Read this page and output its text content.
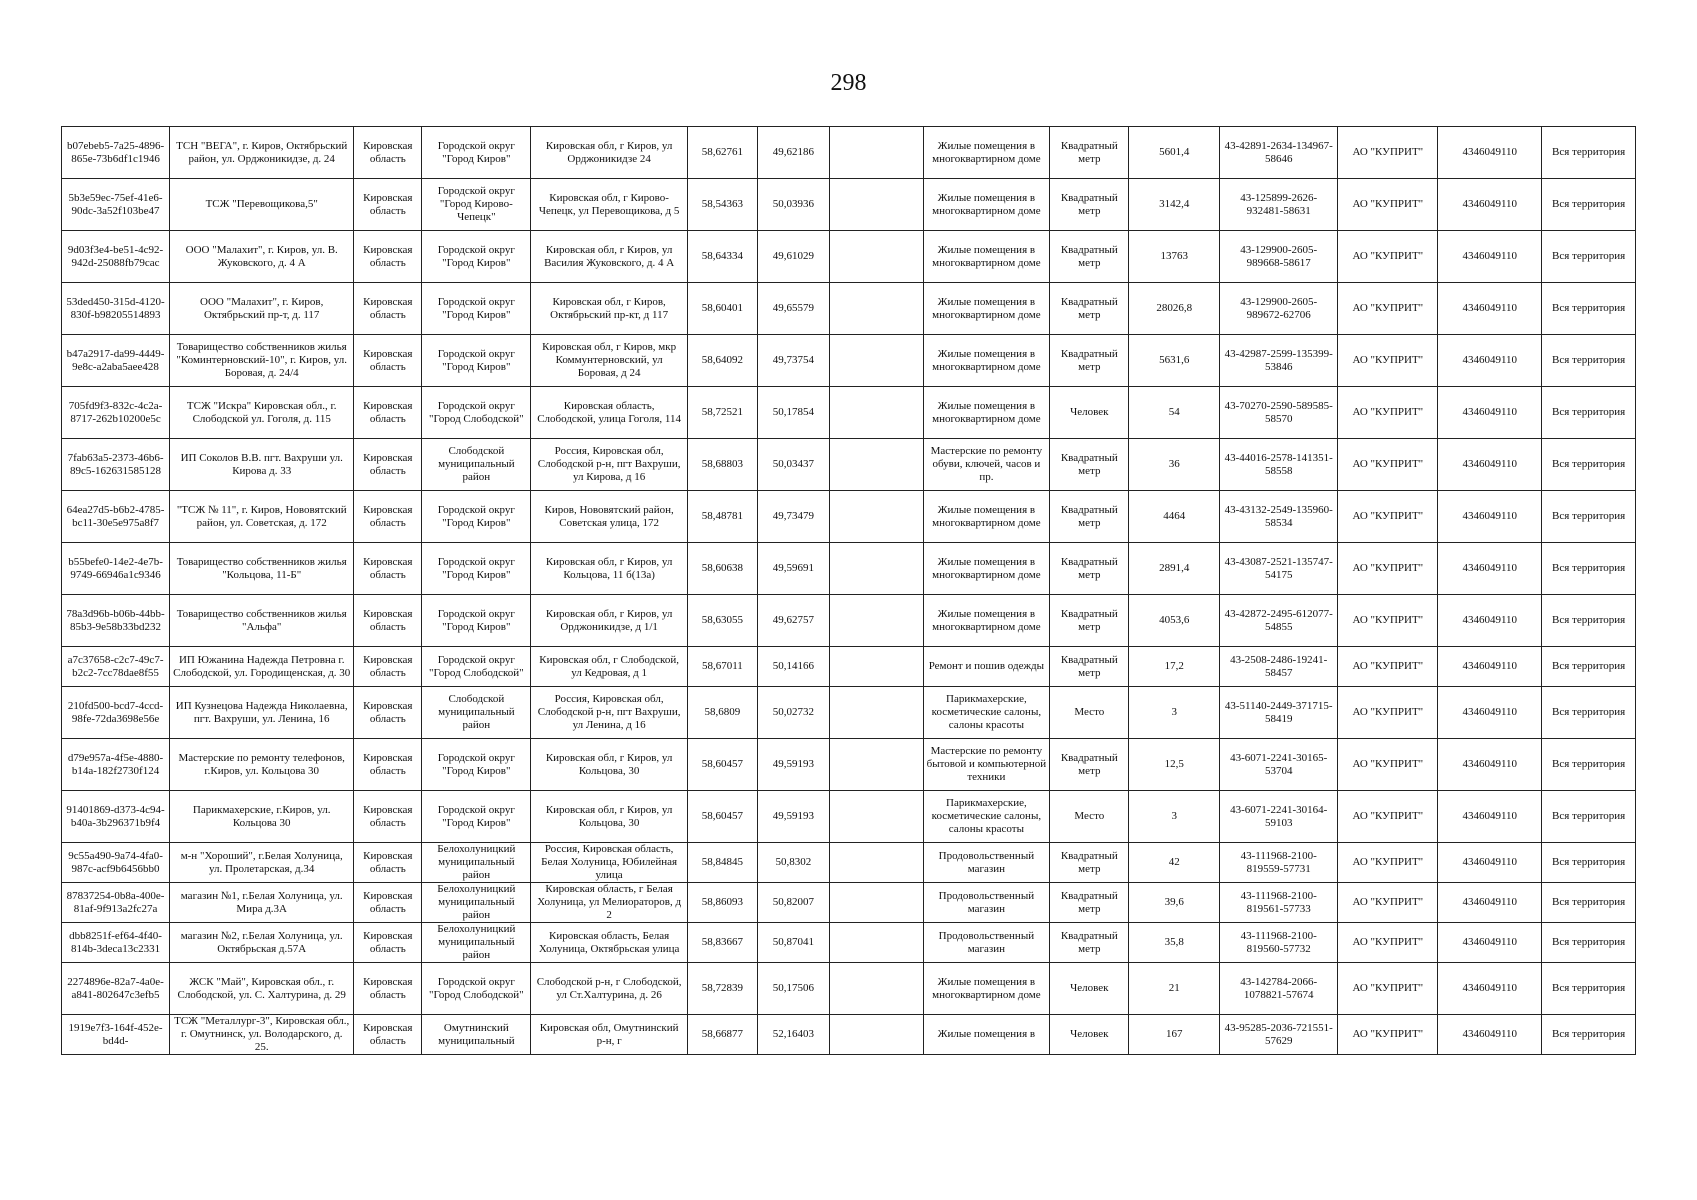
298
b07ebeb5-7a25-4896-865e-73b6df1c1946	ТСН "ВЕГА", г. Киров, Октябрьский район, ул. Орджоникидзе, д. 24	Кировская область	Городской округ "Город Киров"	Кировская обл, г Киров, ул Орджоникидзе 24	58,62761	49,62186		Жилые помещения в многоквартирном доме	Квадратный метр	5601,4	43-42891-2634-134967-58646	АО "КУПРИТ"	4346049110	Вся территория
5b3e59ec-75ef-41e6-90dc-3a52f103be47	ТСЖ "Перевощикова,5"	Кировская область	Городской округ "Город Кирово-Чепецк"	Кировская обл, г Кирово-Чепецк, ул Перевощикова, д 5	58,54363	50,03936		Жилые помещения в многоквартирном доме	Квадратный метр	3142,4	43-125899-2626-932481-58631	АО "КУПРИТ"	4346049110	Вся территория
9d03f3e4-be51-4c92-942d-25088fb79cac	ООО "Малахит", г. Киров, ул. В. Жуковского, д. 4 А	Кировская область	Городской округ "Город Киров"	Кировская обл, г Киров, ул Василия Жуковского, д. 4 А	58,64334	49,61029		Жилые помещения в многоквартирном доме	Квадратный метр	13763	43-129900-2605-989668-58617	АО "КУПРИТ"	4346049110	Вся территория
53ded450-315d-4120-830f-b98205514893	ООО "Малахит", г. Киров, Октябрьский пр-т, д. 117	Кировская область	Городской округ "Город Киров"	Кировская обл, г Киров, Октябрьский пр-кт, д 117	58,60401	49,65579		Жилые помещения в многоквартирном доме	Квадратный метр	28026,8	43-129900-2605-989672-62706	АО "КУПРИТ"	4346049110	Вся территория
b47a2917-da99-4449-9e8c-a2aba5aee428	Товарищество собственников жилья "Коминтерновский-10", г. Киров, ул. Боровая, д. 24/4	Кировская область	Городской округ "Город Киров"	Кировская обл, г Киров, мкр Коммунтерновский, ул Боровая, д 24	58,64092	49,73754		Жилые помещения в многоквартирном доме	Квадратный метр	5631,6	43-42987-2599-135399-53846	АО "КУПРИТ"	4346049110	Вся территория
705fd9f3-832c-4c2a-8717-262b10200e5c	ТСЖ "Искра" Кировская обл., г. Слободской ул. Гоголя, д. 115	Кировская область	Городской округ "Город Слободской"	Кировская область, Слободской, улица Гоголя, 114	58,72521	50,17854		Жилые помещения в многоквартирном доме	Человек	54	43-70270-2590-589585-58570	АО "КУПРИТ"	4346049110	Вся территория
7fab63a5-2373-46b6-89c5-162631585128	ИП Соколов В.В. пгт. Вахруши ул. Кирова д. 33	Кировская область	Слободской муниципальный район	Россия, Кировская обл, Слободской р-н, пгт Вахруши, ул Кирова, д 16	58,68803	50,03437		Мастерские по ремонту обуви, ключей, часов и пр.	Квадратный метр	36	43-44016-2578-141351-58558	АО "КУПРИТ"	4346049110	Вся территория
64ea27d5-b6b2-4785-bc11-30e5e975a8f7	"ТСЖ № 11", г. Киров, Нововятский район, ул. Советская, д. 172	Кировская область	Городской округ "Город Киров"	Киров, Нововятский район, Советская улица, 172	58,48781	49,73479		Жилые помещения в многоквартирном доме	Квадратный метр	4464	43-43132-2549-135960-58534	АО "КУПРИТ"	4346049110	Вся территория
b55befe0-14e2-4e7b-9749-66946a1c9346	Товарищество собственников жилья "Кольцова, 11-Б"	Кировская область	Городской округ "Город Киров"	Кировская обл, г Киров, ул Кольцова, 11 б(13а)	58,60638	49,59691		Жилые помещения в многоквартирном доме	Квадратный метр	2891,4	43-43087-2521-135747-54175	АО "КУПРИТ"	4346049110	Вся территория
78a3d96b-b06b-44bb-85b3-9e58b33bd232	Товарищество собственников жилья "Альфа"	Кировская область	Городской округ "Город Киров"	Кировская обл, г Киров, ул Орджоникидзе, д 1/1	58,63055	49,62757		Жилые помещения в многоквартирном доме	Квадратный метр	4053,6	43-42872-2495-612077-54855	АО "КУПРИТ"	4346049110	Вся территория
a7c37658-c2c7-49c7-b2c2-7cc78dae8f55	ИП Южанина Надежда Петровна г. Слободской, ул. Городищенская, д. 30	Кировская область	Городской округ "Город Слободской"	Кировская обл, г Слободской, ул Кедровая, д 1	58,67011	50,14166		Ремонт и пошив одежды	Квадратный метр	17,2	43-2508-2486-19241-58457	АО "КУПРИТ"	4346049110	Вся территория
210fd500-bcd7-4ccd-98fe-72da3698e56e	ИП Кузнецова Надежда Николаевна, пгт. Вахруши, ул. Ленина, 16	Кировская область	Слободской муниципальный район	Россия, Кировская обл, Слободской р-н, пгт Вахруши, ул Ленина, д 16	58,6809	50,02732		Парикмахерские, косметические салоны, салоны красоты	Место	3	43-51140-2449-371715-58419	АО "КУПРИТ"	4346049110	Вся территория
d79e957a-4f5e-4880-b14a-182f2730f124	Мастерские по ремонту телефонов, г.Киров, ул. Кольцова 30	Кировская область	Городской округ "Город Киров"	Кировская обл, г Киров, ул Кольцова, 30	58,60457	49,59193		Мастерские по ремонту бытовой и компьютерной техники	Квадратный метр	12,5	43-6071-2241-30165-53704	АО "КУПРИТ"	4346049110	Вся территория
91401869-d373-4c94-b40a-3b296371b9f4	Парикмахерские, г.Киров, ул. Кольцова 30	Кировская область	Городской округ "Город Киров"	Кировская обл, г Киров, ул Кольцова, 30	58,60457	49,59193		Парикмахерские, косметические салоны, салоны красоты	Место	3	43-6071-2241-30164-59103	АО "КУПРИТ"	4346049110	Вся территория
9c55a490-9a74-4fa0-987c-acf9b6456bb0	м-н "Хороший", г.Белая Холуница, ул. Пролетарская, д.34	Кировская область	Белохолуницкий муниципальный район	Россия, Кировская область, Белая Холуница, Юбилейная улица	58,84845	50,8302		Продовольственный магазин	Квадратный метр	42	43-111968-2100-819559-57731	АО "КУПРИТ"	4346049110	Вся территория
87837254-0b8a-400e-81af-9f913a2fc27a	магазин №1, г.Белая Холуница, ул. Мира д.3А	Кировская область	Белохолуницкий муниципальный район	Кировская область, г Белая Холуница, ул Мелиораторов, д 2	58,86093	50,82007		Продовольственный магазин	Квадратный метр	39,6	43-111968-2100-819561-57733	АО "КУПРИТ"	4346049110	Вся территория
dbb8251f-ef64-4f40-814b-3deca13c2331	магазин №2, г.Белая Холуница, ул. Октябрьская д.57А	Кировская область	Белохолуницкий муниципальный район	Кировская область, Белая Холуница, Октябрьская улица	58,83667	50,87041		Продовольственный магазин	Квадратный метр	35,8	43-111968-2100-819560-57732	АО "КУПРИТ"	4346049110	Вся территория
2274896e-82a7-4a0e-a841-802647c3efb5	ЖСК "Май", Кировская обл., г. Слободской, ул. С. Халтурина, д. 29	Кировская область	Городской округ "Город Слободской"	Слободской р-н, г Слободской, ул Ст.Халтурина, д. 26	58,72839	50,17506		Жилые помещения в многоквартирном доме	Человек	21	43-142784-2066-1078821-57674	АО "КУПРИТ"	4346049110	Вся территория
1919e7f3-164f-452e-bd4d-	ТСЖ "Металлург-3", Кировская обл., г. Омутнинск, ул. Володарского, д. 25.	Кировская область	Омутнинский муниципальный	Кировская обл, Омутнинский р-н, г	58,66877	52,16403		Жилые помещения в	Человек	167	43-95285-2036-721551-57629	АО "КУПРИТ"	4346049110	Вся территория
